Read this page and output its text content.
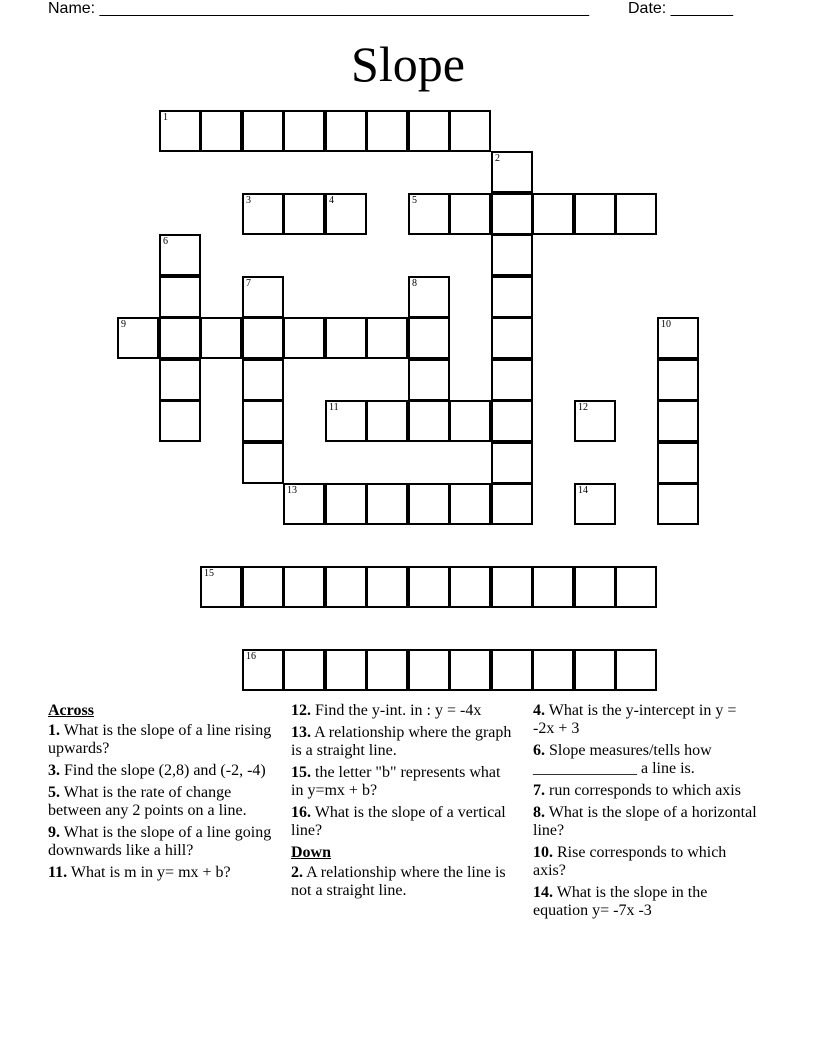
Name: _______________________________________________________ Date: _______
Slope
1
2
3	4	5
6
7	8
9	10
11	12
13	14
15
16
Across
1. What is the slope of a line rising upwards?
3. Find the slope (2,8) and (-2, -4)
5. What is the rate of change between any 2 points on a line.
9. What is the slope of a line going downwards like a hill?
11. What is m in y= mx + b?
12. Find the y-int. in : y = -4x
13. A relationship where the graph is a straight line.
15. the letter "b" represents what in y=mx + b?
16. What is the slope of a vertical line?
Down
2. A relationship where the line is not a straight line.
4. What is the y-intercept in y = -2x + 3
6. Slope measures/tells how _____________ a line is.
7. run corresponds to which axis
8. What is the slope of a horizontal line?
10. Rise corresponds to which axis?
14. What is the slope in the equation y= -7x -3
